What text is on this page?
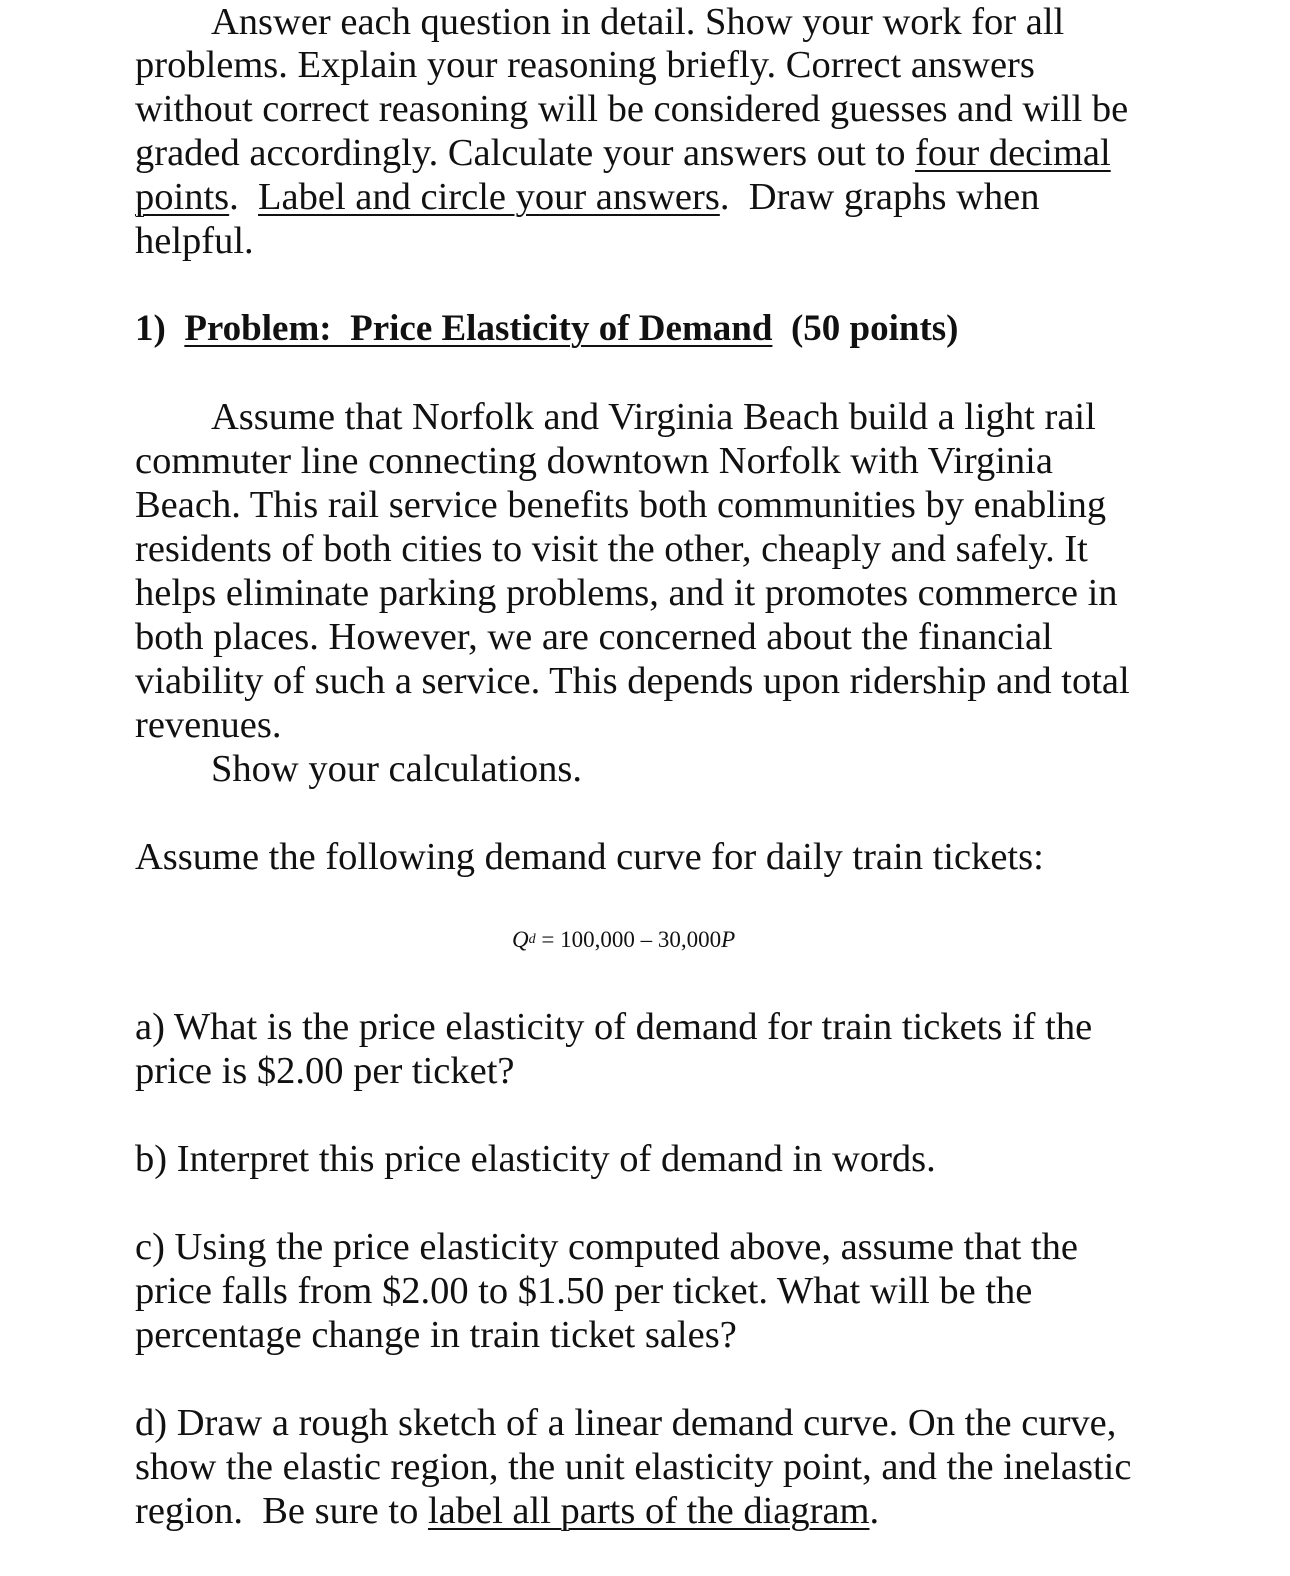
Answer each question in detail. Show your work for all
problems. Explain your reasoning briefly. Correct answers
without correct reasoning will be considered guesses and will be
graded accordingly. Calculate your answers out to four decimal
points.  Label and circle your answers.  Draw graphs when
helpful.
1) Problem:  Price Elasticity of Demand (50 points)
Assume that Norfolk and Virginia Beach build a light rail
commuter line connecting downtown Norfolk with Virginia
Beach. This rail service benefits both communities by enabling
residents of both cities to visit the other, cheaply and safely. It
helps eliminate parking problems, and it promotes commerce in
both places. However, we are concerned about the financial
viability of such a service. This depends upon ridership and total
revenues.
Show your calculations.
Assume the following demand curve for daily train tickets:
$Q^d = 100,000 - 30,000P$
a) What is the price elasticity of demand for train tickets if the
price is $2.00 per ticket?
b) Interpret this price elasticity of demand in words.
c) Using the price elasticity computed above, assume that the
price falls from $2.00 to $1.50 per ticket. What will be the
percentage change in train ticket sales?
d) Draw a rough sketch of a linear demand curve. On the curve,
show the elastic region, the unit elasticity point, and the inelastic
region.  Be sure to label all parts of the diagram.
